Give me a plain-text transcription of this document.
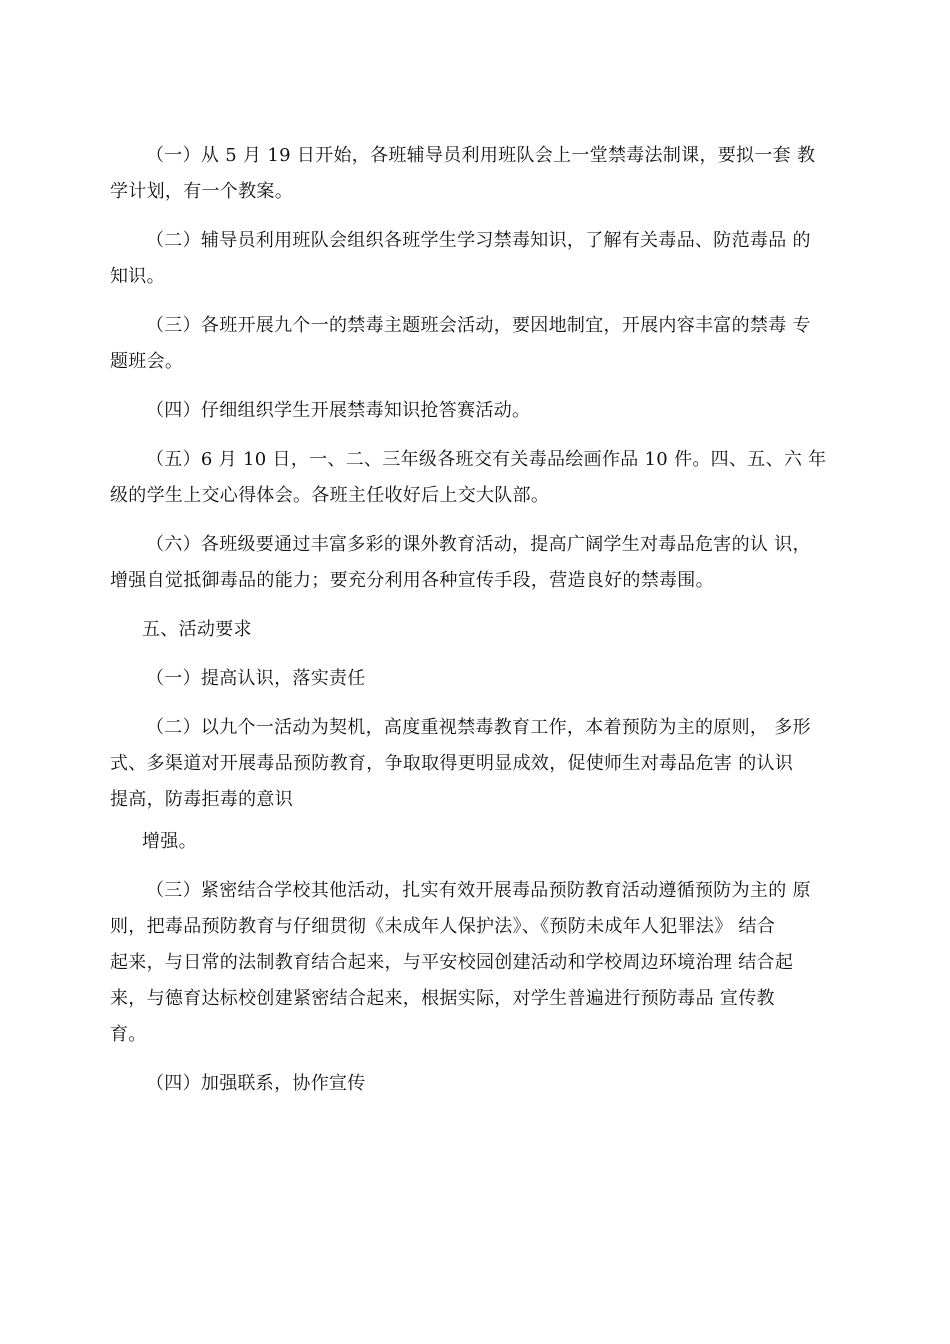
（一）从 5 月 19 日开始，各班辅导员利用班队会上一堂禁毒法制课，要拟一套 教
学计划，有一个教案。
（二）辅导员利用班队会组织各班学生学习禁毒知识，了解有关毒品、防范毒品 的
知识。
（三）各班开展九个一的禁毒主题班会活动，要因地制宜，开展内容丰富的禁毒 专
题班会。
（四）仔细组织学生开展禁毒知识抢答赛活动。
（五）6 月 10 日，一、二、三年级各班交有关毒品绘画作品 10 件。四、五、六 年
级的学生上交心得体会。各班主任收好后上交大队部。
（六）各班级要通过丰富多彩的课外教育活动，提高广阔学生对毒品危害的认 识，
增强自觉抵御毒品的能力；要充分利用各种宣传手段，营造良好的禁毒围。
五、活动要求
（一）提高认识，落实责任
（二）以九个一活动为契机，高度重视禁毒教育工作，本着预防为主的原则， 多形
式、多渠道对开展毒品预防教育，争取取得更明显成效，促使师生对毒品危害 的认识
提高，防毒拒毒的意识
增强。
（三）紧密结合学校其他活动，扎实有效开展毒品预防教育活动遵循预防为主的 原
则，把毒品预防教育与仔细贯彻《未成年人保护法》、《预防未成年人犯罪法》 结合
起来，与日常的法制教育结合起来，与平安校园创建活动和学校周边环境治理 结合起
来，与德育达标校创建紧密结合起来，根据实际，对学生普遍进行预防毒品 宣传教
育。
（四）加强联系，协作宣传
